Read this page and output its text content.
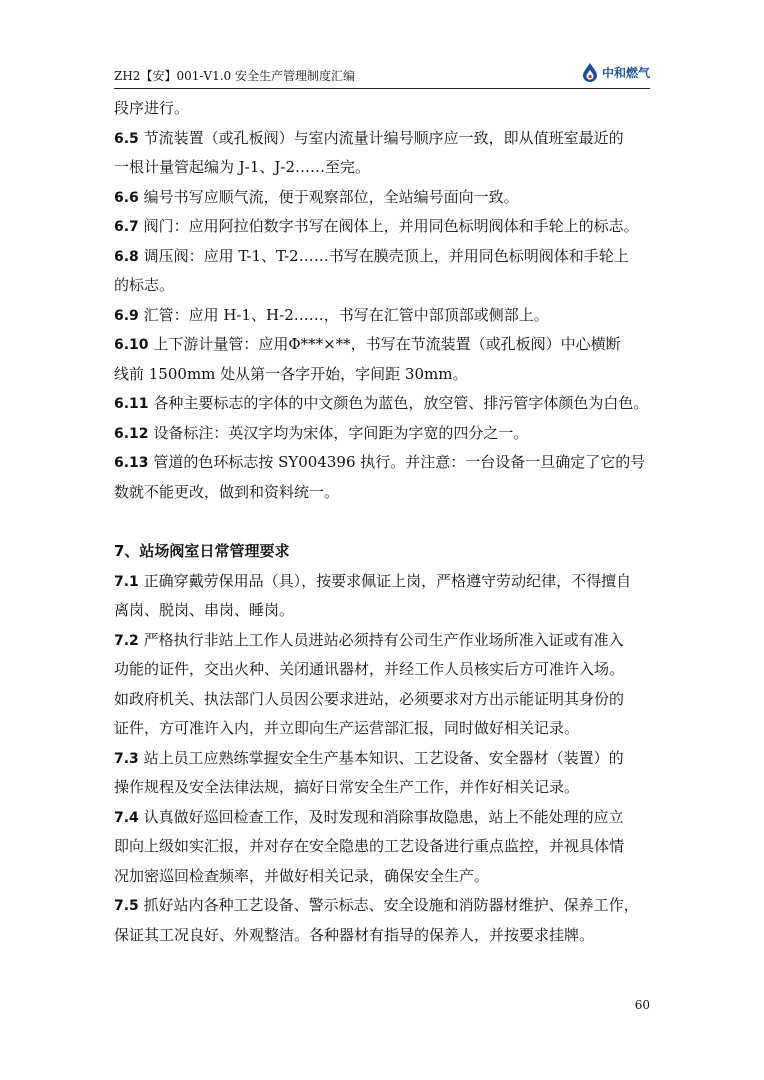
ZH2【安】001-V1.0 安全生产管理制度汇编	中和燃气
段序进行。
6.5 节流装置（或孔板阀）与室内流量计编号顺序应一致，即从值班室最近的
一根计量管起编为 J-1、J-2……至完。
6.6 编号书写应顺气流，便于观察部位，全站编号面向一致。
6.7 阀门：应用阿拉伯数字书写在阀体上，并用同色标明阀体和手轮上的标志。
6.8 调压阀：应用 T-1、T-2……书写在膜壳顶上，并用同色标明阀体和手轮上
的标志。
6.9 汇管：应用 H-1、H-2……，书写在汇管中部顶部或侧部上。
6.10 上下游计量管：应用Φ***×**，书写在节流装置（或孔板阀）中心横断
线前 1500mm 处从第一各字开始，字间距 30mm。
6.11 各种主要标志的字体的中文颜色为蓝色，放空管、排污管字体颜色为白色。
6.12 设备标注：英汉字均为宋体，字间距为字宽的四分之一。
6.13 管道的色环标志按 SY004396 执行。并注意：一台设备一旦确定了它的号
数就不能更改，做到和资料统一。
7、站场阀室日常管理要求
7.1 正确穿戴劳保用品（具），按要求佩证上岗，严格遵守劳动纪律，不得擅自
离岗、脱岗、串岗、睡岗。
7.2 严格执行非站上工作人员进站必须持有公司生产作业场所准入证或有准入
功能的证件，交出火种、关闭通讯器材，并经工作人员核实后方可准许入场。
如政府机关、执法部门人员因公要求进站，必须要求对方出示能证明其身份的
证件，方可准许入内，并立即向生产运营部汇报，同时做好相关记录。
7.3 站上员工应熟练掌握安全生产基本知识、工艺设备、安全器材（装置）的
操作规程及安全法律法规，搞好日常安全生产工作，并作好相关记录。
7.4 认真做好巡回检查工作，及时发现和消除事故隐患，站上不能处理的应立
即向上级如实汇报，并对存在安全隐患的工艺设备进行重点监控，并视具体情
况加密巡回检查频率，并做好相关记录，确保安全生产。
7.5 抓好站内各种工艺设备、警示标志、安全设施和消防器材维护、保养工作，
保证其工况良好、外观整洁。各种器材有指导的保养人，并按要求挂牌。
60
